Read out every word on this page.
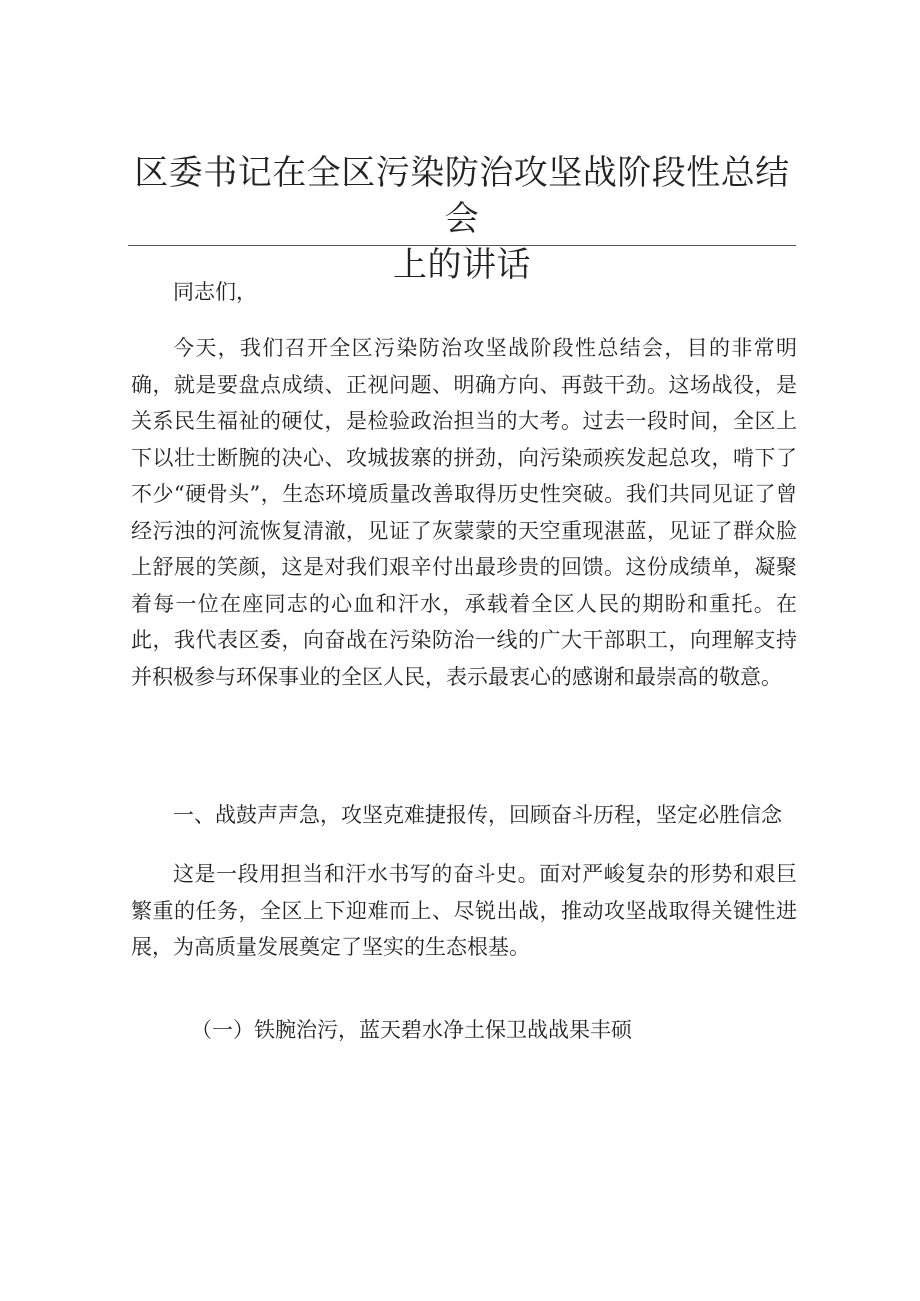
区委书记在全区污染防治攻坚战阶段性总结会
上的讲话

同志们，

今天，我们召开全区污染防治攻坚战阶段性总结会，目的非常明确，就是要盘点成绩、正视问题、明确方向、再鼓干劲。这场战役，是关系民生福祉的硬仗，是检验政治担当的大考。过去一段时间，全区上下以壮士断腕的决心、攻城拔寨的拼劲，向污染顽疾发起总攻，啃下了不少“硬骨头”，生态环境质量改善取得历史性突破。我们共同见证了曾经污浊的河流恢复清澈，见证了灰蒙蒙的天空重现湛蓝，见证了群众脸上舒展的笑颜，这是对我们艰辛付出最珍贵的回馈。这份成绩单，凝聚着每一位在座同志的心血和汗水，承载着全区人民的期盼和重托。在此，我代表区委，向奋战在污染防治一线的广大干部职工，向理解支持并积极参与环保事业的全区人民，表示最衷心的感谢和最崇高的敬意。

一、战鼓声声急，攻坚克难捷报传，回顾奋斗历程，坚定必胜信念

这是一段用担当和汗水书写的奋斗史。面对严峻复杂的形势和艰巨繁重的任务，全区上下迎难而上、尽锐出战，推动攻坚战取得关键性进展，为高质量发展奠定了坚实的生态根基。

（一）铁腕治污，蓝天碧水净土保卫战战果丰硕
